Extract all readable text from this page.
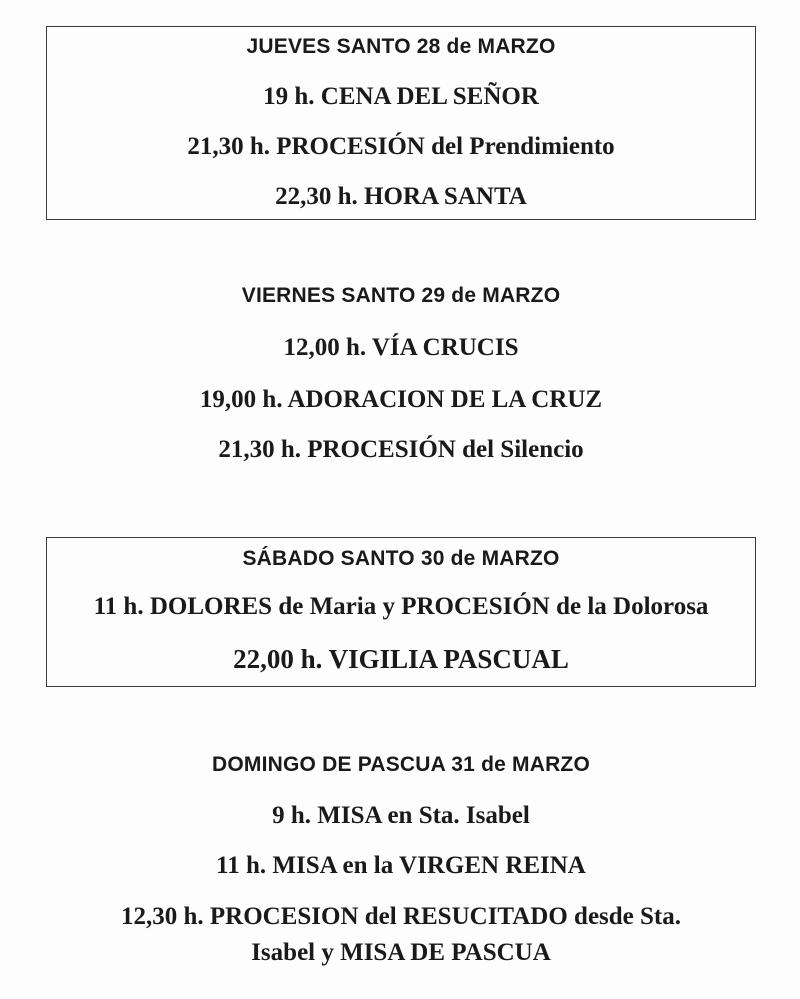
JUEVES SANTO 28 de MARZO
19 h. CENA DEL SEÑOR
21,30 h. PROCESIÓN del Prendimiento
22,30 h. HORA SANTA
VIERNES SANTO 29 de MARZO
12,00 h. VÍA CRUCIS
19,00 h. ADORACION DE LA CRUZ
21,30 h. PROCESIÓN del Silencio
SÁBADO SANTO 30 de MARZO
11 h. DOLORES de Maria y PROCESIÓN de la Dolorosa
22,00 h. VIGILIA PASCUAL
DOMINGO DE PASCUA 31 de MARZO
9 h. MISA en Sta. Isabel
11 h. MISA en la VIRGEN REINA
12,30 h. PROCESION del RESUCITADO desde Sta.
Isabel y MISA DE PASCUA
